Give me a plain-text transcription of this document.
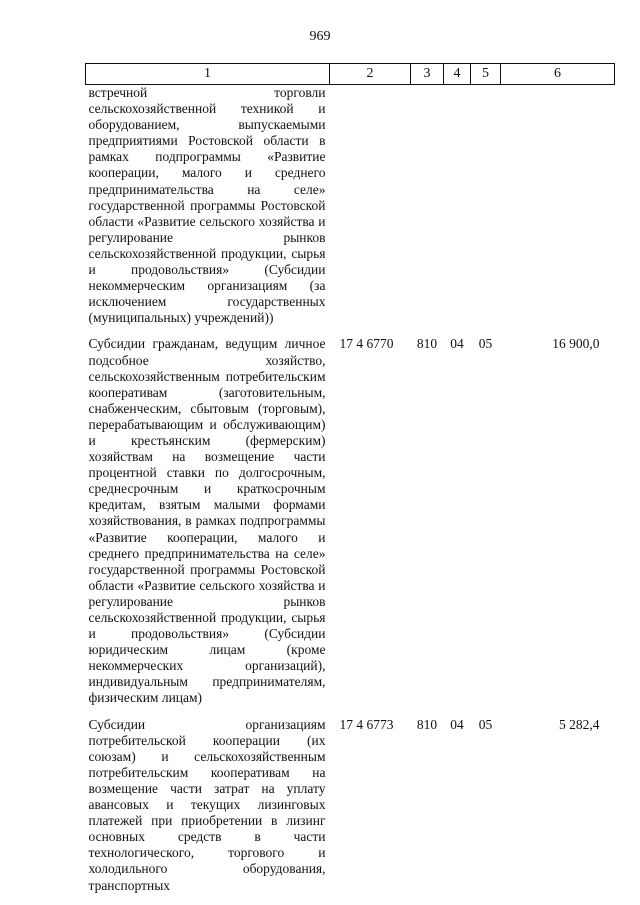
969
1	2	3	4	5	6
встречной торговли сельскохозяйственной техникой и оборудованием, выпускаемыми предприятиями Ростовской области в рамках подпрограммы «Развитие кооперации, малого и среднего предпринимательства на селе» государственной программы Ростовской области «Развитие сельского хозяйства и регулирование рынков сельскохозяйственной продукции, сырья и продовольствия» (Субсидии некоммерческим организациям (за исключением государственных (муниципальных) учреждений))					

Субсидии гражданам, ведущим личное подсобное хозяйство, сельскохозяйственным потребительским кооперативам (заготовительным, снабженческим, сбытовым (торговым), перерабатывающим и обслуживающим) и крестьянским (фермерским) хозяйствам на возмещение части процентной ставки по долгосрочным, среднесрочным и краткосрочным кредитам, взятым малыми формами хозяйствования, в рамках подпрограммы «Развитие кооперации, малого и среднего предпринимательства на селе» государственной программы Ростовской области «Развитие сельского хозяйства и регулирование рынков сельскохозяйственной продукции, сырья и продовольствия» (Субсидии юридическим лицам (кроме некоммерческих организаций), индивидуальным предпринимателям, физическим лицам)	17 4 6770	810	04	05	16 900,0

Субсидии организациям потребительской кооперации (их союзам) и сельскохозяйственным потребительским кооперативам на возмещение части затрат на уплату авансовых и текущих лизинговых платежей при приобретении в лизинг основных средств в части технологического, торгового и холодильного оборудования, транспортных	17 4 6773	810	04	05	5 282,4
